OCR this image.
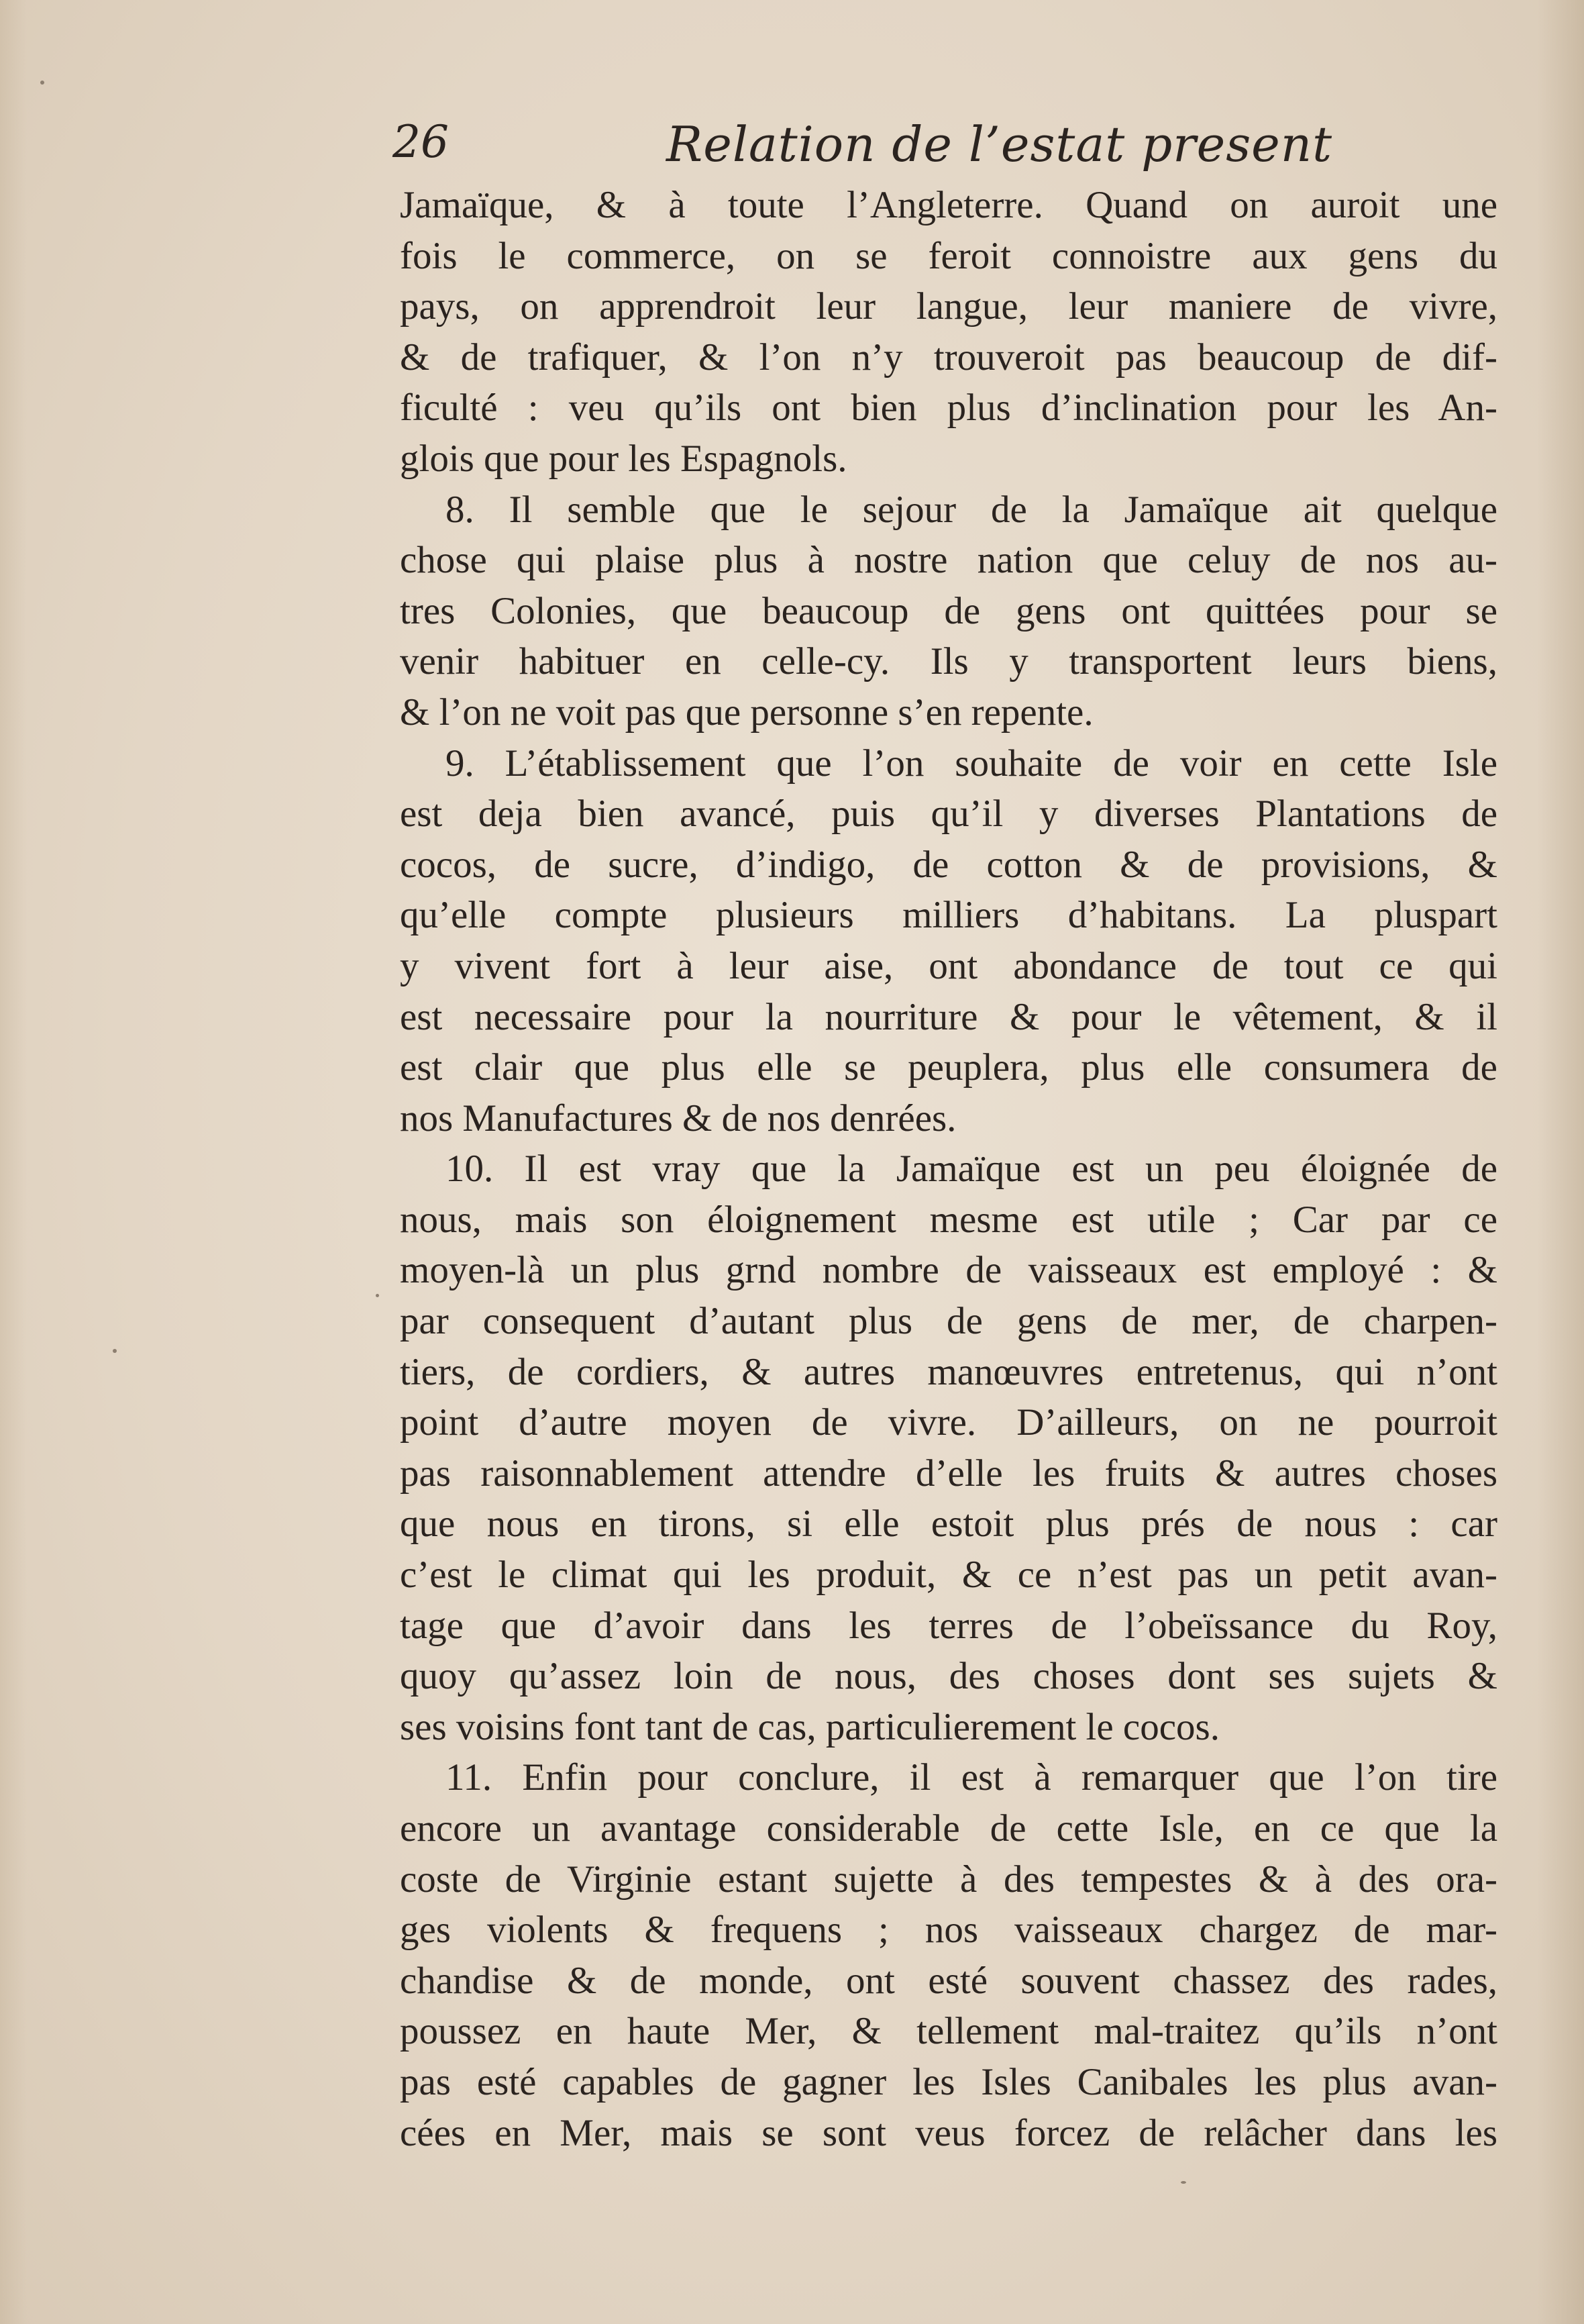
26	Relation de l’estat present
Jamaïque, & à toute l’Angleterre. Quand on auroit une
fois le commerce, on se feroit connoistre aux gens du
pays, on apprendroit leur langue, leur maniere de vivre,
& de trafiquer, & l’on n’y trouveroit pas beaucoup de dif-
ficulté : veu qu’ils ont bien plus d’inclination pour les An-
glois que pour les Espagnols.
8. Il semble que le sejour de la Jamaïque ait quelque
chose qui plaise plus à nostre nation que celuy de nos au-
tres Colonies, que beaucoup de gens ont quittées pour se
venir habituer en celle-cy. Ils y transportent leurs biens,
& l’on ne voit pas que personne s’en repente.
9. L’établissement que l’on souhaite de voir en cette Isle
est deja bien avancé, puis qu’il y diverses Plantations de
cocos, de sucre, d’indigo, de cotton & de provisions, &
qu’elle compte plusieurs milliers d’habitans. La pluspart
y vivent fort à leur aise, ont abondance de tout ce qui
est necessaire pour la nourriture & pour le vêtement, & il
est clair que plus elle se peuplera, plus elle consumera de
nos Manufactures & de nos denrées.
10. Il est vray que la Jamaïque est un peu éloignée de
nous, mais son éloignement mesme est utile ; Car par ce
moyen-là un plus grnd nombre de vaisseaux est employé : &
par consequent d’autant plus de gens de mer, de charpen-
tiers, de cordiers, & autres manœuvres entretenus, qui n’ont
point d’autre moyen de vivre. D’ailleurs, on ne pourroit
pas raisonnablement attendre d’elle les fruits & autres choses
que nous en tirons, si elle estoit plus prés de nous : car
c’est le climat qui les produit, & ce n’est pas un petit avan-
tage que d’avoir dans les terres de l’obeïssance du Roy,
quoy qu’assez loin de nous, des choses dont ses sujets &
ses voisins font tant de cas, particulierement le cocos.
11. Enfin pour conclure, il est à remarquer que l’on tire
encore un avantage considerable de cette Isle, en ce que la
coste de Virginie estant sujette à des tempestes & à des ora-
ges violents & frequens ; nos vaisseaux chargez de mar-
chandise & de monde, ont esté souvent chassez des rades,
poussez en haute Mer, & tellement mal-traitez qu’ils n’ont
pas esté capables de gagner les Isles Canibales les plus avan-
cées en Mer, mais se sont veus forcez de relâcher dans les
